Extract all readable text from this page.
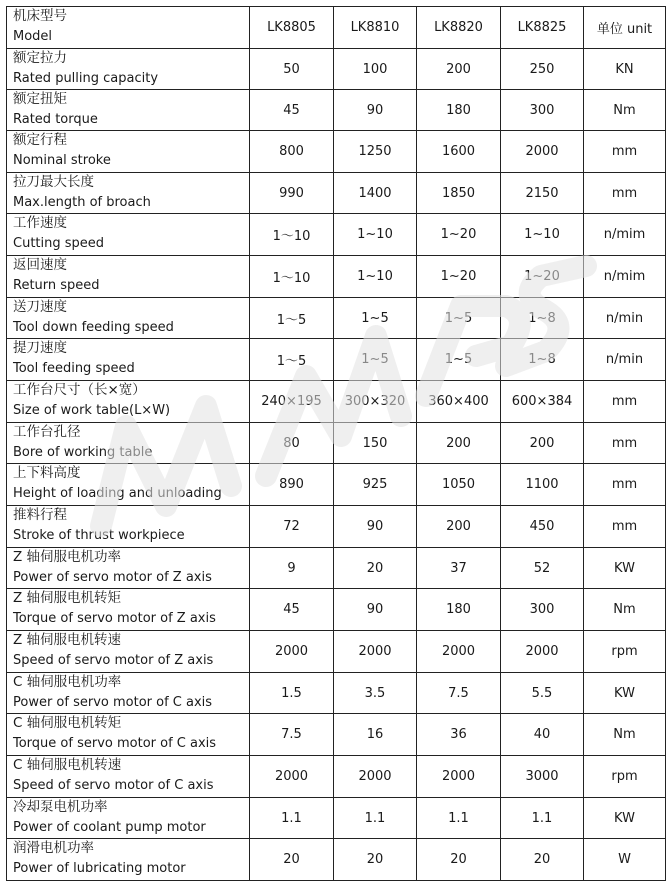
机床型号
Model	LK8805	LK8810	LK8820	LK8825	单位 unit

额定拉力
Rated pulling capacity	50	100	200	250	KN

额定扭矩
Rated torque	45	90	180	300	Nm

额定行程
Nominal stroke	800	1250	1600	2000	mm

拉刀最大长度
Max.length of broach	990	1400	1850	2150	mm

工作速度
Cutting speed	1～10	1~10	1~20	1~10	n/mim

返回速度
Return speed	1～10	1~10	1~20	1~20	n/mim

送刀速度
Tool down feeding speed	1～5	1~5	1~5	1~8	n/min

提刀速度
Tool feeding speed	1～5	1~5	1~5	1~8	n/min

工作台尺寸（长×宽）
Size of work table(L×W)	240×195	300×320	360×400	600×384	mm

工作台孔径
Bore of working table	80	150	200	200	mm

上下料高度
Height of loading and unloading	890	925	1050	1100	mm

推料行程
Stroke of thrust workpiece	72	90	200	450	mm

Z 轴伺服电机功率
Power of servo motor of Z axis	9	20	37	52	KW

Z 轴伺服电机转矩
Torque of servo motor of Z axis	45	90	180	300	Nm

Z 轴伺服电机转速
Speed of servo motor of Z axis	2000	2000	2000	2000	rpm

C 轴伺服电机功率
Power of servo motor of C axis	1.5	3.5	7.5	5.5	KW

C 轴伺服电机转矩
Torque of servo motor of C axis	7.5	16	36	40	Nm

C 轴伺服电机转速
Speed of servo motor of C axis	2000	2000	2000	3000	rpm

冷却泵电机功率
Power of coolant pump motor	1.1	1.1	1.1	1.1	KW

润滑电机功率
Power of lubricating motor	20	20	20	20	W
